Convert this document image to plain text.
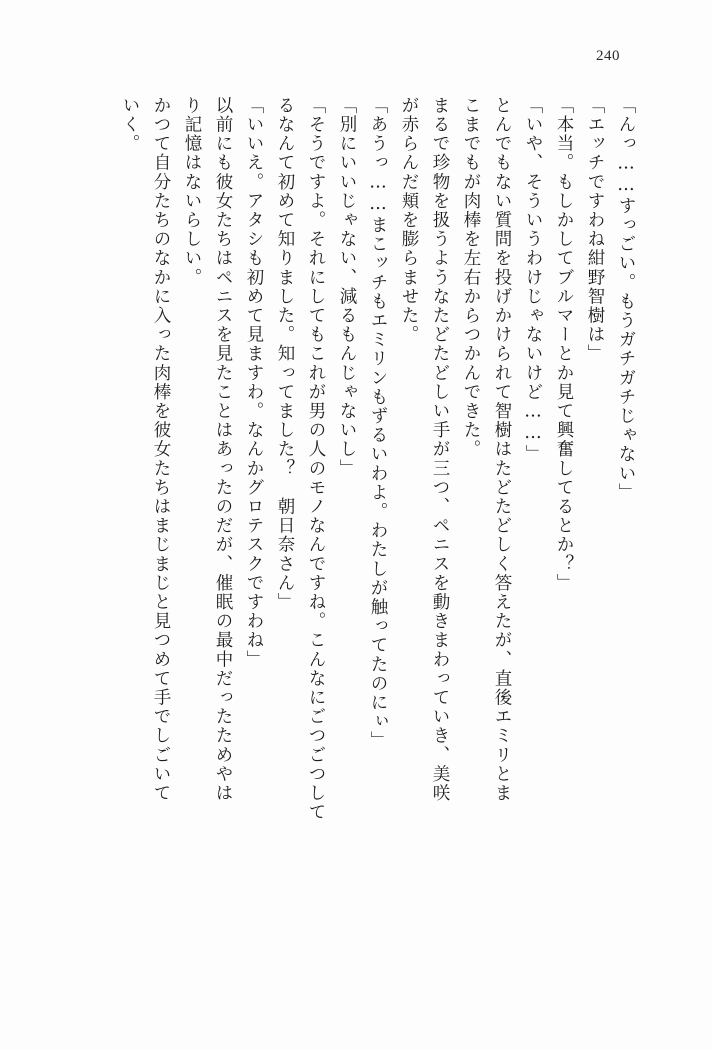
240
「んっ……すっごい。もうガチガチじゃない」
「エッチですわね紺野智樹は」
「本当。もしかしてブルマーとか見て興奮してるとか？」
「いや、そういうわけじゃないけど……」
とんでもない質問を投げかけられて智樹はたどたどしく答えたが、直後エミリとま
こまでもが肉棒を左右からつかんできた。
まるで珍物を扱うようなたどたどしい手が三つ、ペニスを動きまわっていき、美咲
が赤らんだ頬を膨らませた。
「あうっ……まこッチもエミリンもずるいわよ。わたしが触ってたのにぃ」
「別にいいじゃない、減るもんじゃないし」
「そうですよ。それにしてもこれが男の人のモノなんですね。こんなにごつごつして
るなんて初めて知りました。知ってました？　朝日奈さん」
「いいえ。アタシも初めて見ますわ。なんかグロテスクですわね」
以前にも彼女たちはペニスを見たことはあったのだが、催眠の最中だったためやは
り記憶はないらしい。
かつて自分たちのなかに入った肉棒を彼女たちはまじまじと見つめて手でしごいて
いく。
